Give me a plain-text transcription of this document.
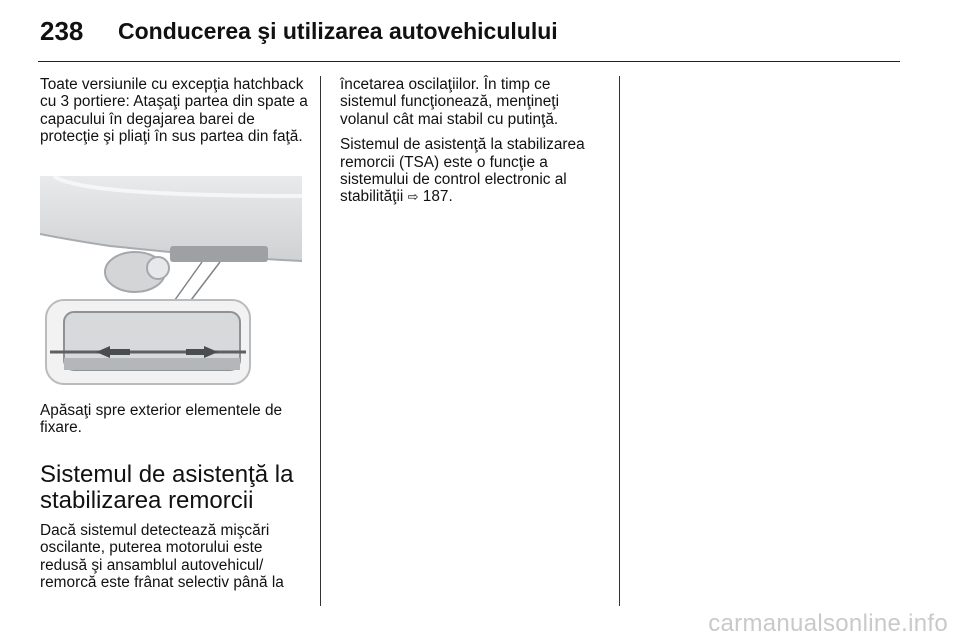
238 Conducerea şi utilizarea autovehiculului

Toate versiunile cu excepţia hatchback cu 3 portiere: Ataşaţi partea din spate a capacului în degajarea barei de protecţie şi pliaţi în sus partea din faţă.

Apăsaţi spre exterior elementele de fixare.

Sistemul de asistenţă la stabilizarea remorcii

Dacă sistemul detectează mişcări oscilante, puterea motorului este redusă şi ansamblul autovehicul/ remorcă este frânat selectiv până la

încetarea oscilaţiilor. În timp ce sistemul funcţionează, menţineţi volanul cât mai stabil cu putinţă.

Sistemul de asistenţă la stabilizarea remorcii (TSA) este o funcţie a sistemului de control electronic al stabilităţii ⇨ 187.

carmanualsonline.info
